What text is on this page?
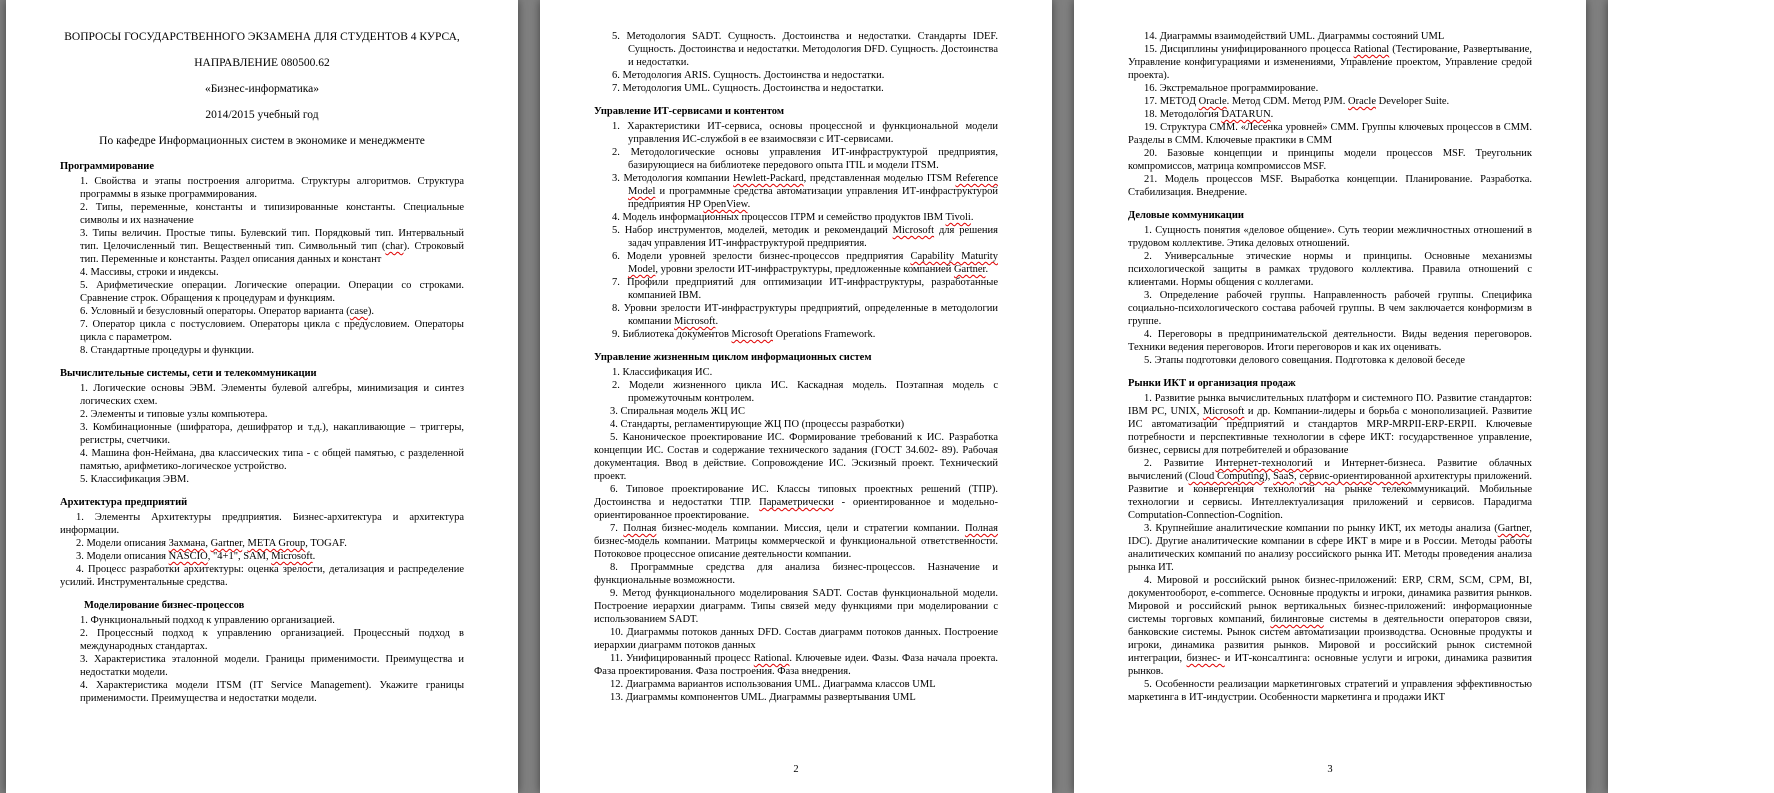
ВОПРОСЫ ГОСУДАРСТВЕННОГО ЭКЗАМЕНА ДЛЯ СТУДЕНТОВ 4 КУРСА,
НАПРАВЛЕНИЕ 080500.62
«Бизнес-информатика»
2014/2015 учебный год
По кафедре Информационных систем в экономике и менеджменте
Программирование
1. Свойства и этапы построения алгоритма. Структуры алгоритмов. Структура программы в языке программирования.
2. Типы, переменные, константы и типизированные константы. Специальные символы и их назначение
3. Типы величин. Простые типы. Булевский тип. Порядковый тип. Интервальный тип. Целочисленный тип. Вещественный тип. Символьный тип (char). Строковый тип. Переменные и константы. Раздел описания данных и констант
4. Массивы, строки и индексы.
5. Арифметические операции. Логические операции. Операции со строками. Сравнение строк. Обращения к процедурам и функциям.
6. Условный и безусловный операторы. Оператор варианта (case).
7. Оператор цикла с постусловием. Операторы цикла с предусловием. Операторы цикла с параметром.
8. Стандартные процедуры и функции.
Вычислительные системы, сети и телекоммуникации
1. Логические основы ЭВМ. Элементы булевой алгебры, минимизация и синтез логических схем.
2. Элементы и типовые узлы компьютера.
3. Комбинационные (шифратора, дешифратор и т.д.), накапливающие – триггеры, регистры, счетчики.
4. Машина фон-Неймана, два классических типа - с общей памятью, с разделенной памятью, арифметико-логическое устройство.
5. Классификация ЭВМ.
Архитектура предприятий
1. Элементы Архитектуры предприятия. Бизнес-архитектура и архитектура информации.
2. Модели описания Захмана, Gartner, META Group, TOGAF.
3. Модели описания NASCIO, "4+1", SAM, Microsoft.
4. Процесс разработки архитектуры: оценка зрелости, детализация и распределение усилий. Инструментальные средства.
Моделирование бизнес-процессов
1. Функциональный подход к управлению организацией.
2. Процессный подход к управлению организацией. Процессный подход в международных стандартах.
3. Характеристика эталонной модели. Границы применимости. Преимущества и недостатки модели.
4. Характеристика модели ITSM (IT Service Management). Укажите границы применимости. Преимущества и недостатки модели.
5. Методология SADT. Сущность. Достоинства и недостатки. Стандарты IDEF. Сущность. Достоинства и недостатки. Методология DFD. Сущность. Достоинства и недостатки.
6. Методология ARIS. Сущность. Достоинства и недостатки.
7. Методология UML. Сущность. Достоинства и недостатки.
Управление ИТ-сервисами и контентом
1. Характеристики ИТ-сервиса, основы процессной и функциональной модели управления ИС-службой в ее взаимосвязи с ИТ-сервисами.
2. Методологические основы управления ИТ-инфраструктурой предприятия, базирующиеся на библиотеке передового опыта ITIL и модели ITSM.
3. Методология компании Hewlett-Packard, представленная моделью ITSM Reference Model и программные средства автоматизации управления ИТ-инфраструктурой предприятия HP OpenView.
4. Модель информационных процессов ITPM и семейство продуктов IBM Tivoli.
5. Набор инструментов, моделей, методик и рекомендаций Microsoft для решения задач управления ИТ-инфраструктурой предприятия.
6. Модели уровней зрелости бизнес-процессов предприятия Capability Maturity Model, уровни зрелости ИТ-инфраструктуры, предложенные компанией Gartner.
7. Профили предприятий для оптимизации ИТ-инфраструктуры, разработанные компанией IBM.
8. Уровни зрелости ИТ-инфраструктуры предприятий, определенные в методологии компании Microsoft.
9. Библиотека документов Microsoft Operations Framework.
Управление жизненным циклом информационных систем
1. Классификация ИС.
2. Модели жизненного цикла ИС. Каскадная модель. Поэтапная модель с промежуточным контролем.
3. Спиральная модель ЖЦ ИС
4. Стандарты, регламентирующие ЖЦ ПО (процессы разработки)
5. Каноническое проектирование ИС. Формирование требований к ИС. Разработка концепции ИС. Состав и содержание технического задания (ГОСТ 34.602- 89). Рабочая документация. Ввод в действие. Сопровождение ИС. Эскизный проект. Технический проект.
6. Типовое проектирование ИС. Классы типовых проектных решений (ТПР). Достоинства и недостатки ТПР. Параметрически - ориентированное и модельно-ориентированное проектирование.
7. Полная бизнес-модель компании. Миссия, цели и стратегии компании. Полная бизнес-модель компании. Матрицы коммерческой и функциональной ответственности. Потоковое процессное описание деятельности компании.
8. Программные средства для анализа бизнес-процессов. Назначение и функциональные возможности.
9. Метод функционального моделирования SADT. Состав функциональной модели. Построение иерархии диаграмм. Типы связей меду функциями при моделировании с использованием SADT.
10. Диаграммы потоков данных DFD. Состав диаграмм потоков данных. Построение иерархии диаграмм потоков данных
11. Унифицированный процесс Rational. Ключевые идеи. Фазы. Фаза начала проекта. Фаза проектирования. Фаза построения. Фаза внедрения.
12. Диаграмма вариантов использования UML. Диаграмма классов UML
13. Диаграммы компонентов UML. Диаграммы развертывания UML
2
14. Диаграммы взаимодействий UML. Диаграммы состояний UML
15. Дисциплины унифицированного процесса Rational (Тестирование, Развертывание, Управление конфигурациями и изменениями, Управление проектом, Управление средой проекта).
16. Экстремальное программирование.
17. МЕТОД Oracle. Метод CDM. Метод PJM. Oracle Developer Suite.
18. Методология DATARUN.
19. Структура CMM. «Лесенка уровней» CMM. Группы ключевых процессов в CMM. Разделы в CMM. Ключевые практики в CMM
20. Базовые концепции и принципы модели процессов MSF. Треугольник компромиссов, матрица компромиссов MSF.
21. Модель процессов MSF. Выработка концепции. Планирование. Разработка. Стабилизация. Внедрение.
Деловые коммуникации
1. Сущность понятия «деловое общение». Суть теории межличностных отношений в трудовом коллективе. Этика деловых отношений.
2. Универсальные этические нормы и принципы. Основные механизмы психологической защиты в рамках трудового коллектива. Правила отношений с клиентами. Нормы общения с коллегами.
3. Определение рабочей группы. Направленность рабочей группы. Специфика социально-психологического состава рабочей группы. В чем заключается конформизм в группе.
4. Переговоры в предпринимательской деятельности. Виды ведения переговоров. Техники ведения переговоров. Итоги переговоров и как их оценивать.
5. Этапы подготовки делового совещания. Подготовка к деловой беседе
Рынки ИКТ и организация продаж
1. Развитие рынка вычислительных платформ и системного ПО. Развитие стандартов: IBM PC, UNIX, Microsoft и др. Компании-лидеры и борьба с монополизацией. Развитие ИС автоматизации предприятий и стандартов MRP-MRPII-ERP-ERPII. Ключевые потребности и перспективные технологии в сфере ИКТ: государственное управление, бизнес, сервисы для потребителей и образование
2. Развитие Интернет-технологий и Интернет-бизнеса. Развитие облачных вычислений (Cloud Computing), SaaS, сервис-ориентированной архитектуры приложений. Развитие и конвергенция технологий на рынке телекоммуникаций. Мобильные технологии и сервисы. Интеллектуализация приложений и сервисов. Парадигма Computation-Connection-Cognition.
3. Крупнейшие аналитические компании по рынку ИКТ, их методы анализа (Gartner, IDC). Другие аналитические компании в сфере ИКТ в мире и в России. Методы работы аналитических компаний по анализу российского рынка ИТ. Методы проведения анализа рынка ИТ.
4. Мировой и российский рынок бизнес-приложений: ERP, CRM, SCM, CPM, BI, документооборот, e-commerce. Основные продукты и игроки, динамика развития рынков. Мировой и российский рынок вертикальных бизнес-приложений: информационные системы торговых компаний, билинговые системы в деятельности операторов связи, банковские системы. Рынок систем автоматизации производства. Основные продукты и игроки, динамика развития рынков. Мировой и российский рынок системной интеграции, бизнес- и ИТ-консалтинга: основные услуги и игроки, динамика развития рынков.
5. Особенности реализации маркетинговых стратегий и управления эффективностью маркетинга в ИТ-индустрии. Особенности маркетинга и продажи ИКТ
3
